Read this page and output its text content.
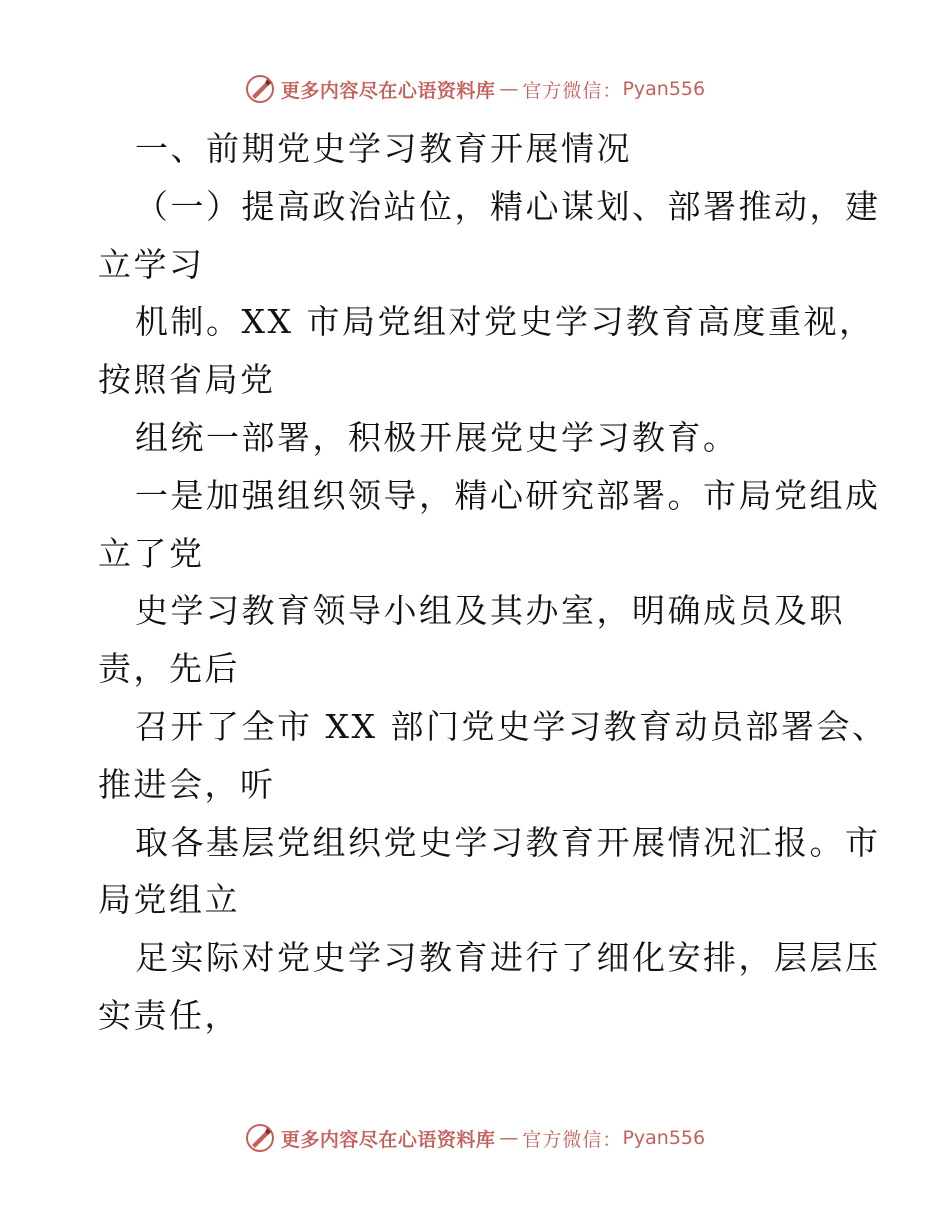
更多内容尽在心语资料库 — 官方微信： Pyan556
一、前期党史学习教育开展情况
（一）提高政治站位，精心谋划、部署推动，建
立学习
机制。XX 市局党组对党史学习教育高度重视，
按照省局党
组统一部署，积极开展党史学习教育。
一是加强组织领导，精心研究部署。市局党组成
立了党
史学习教育领导小组及其办室，明确成员及职
责，先后
召开了全市 XX 部门党史学习教育动员部署会、
推进会，听
取各基层党组织党史学习教育开展情况汇报。市
局党组立
足实际对党史学习教育进行了细化安排，层层压
实责任，
更多内容尽在心语资料库 — 官方微信： Pyan556
